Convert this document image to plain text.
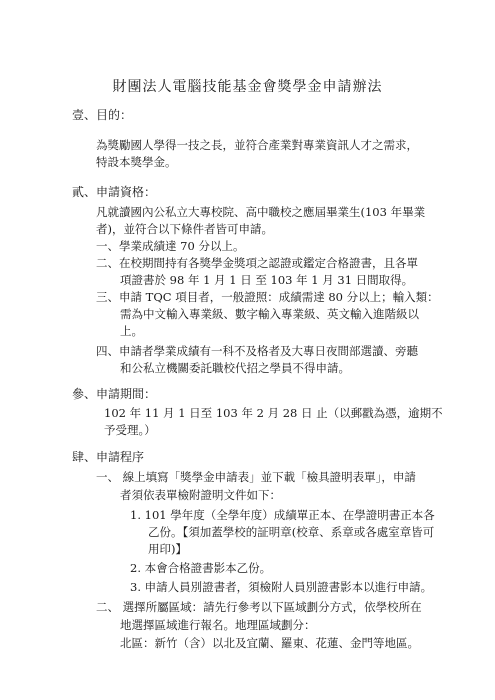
財團法人電腦技能基金會獎學金申請辦法
壹、目的：
為獎勵國人學得一技之長，並符合產業對專業資訊人才之需求，
特設本獎學金。
貳、申請資格：
凡就讀國內公私立大專校院、高中職校之應屆畢業生(103 年畢業
者)，並符合以下條件者皆可申請。
一、學業成績達 70 分以上。
二、在校期間持有各獎學金獎項之認證或鑑定合格證書，且各單
項證書於 98 年 1 月 1 日 至 103 年 1 月 31 日間取得。
三、申請 TQC 項目者，一般證照：成績需達 80 分以上；輸入類：
需為中文輸入專業級、數字輸入專業級、英文輸入進階級以
上。
四、申請者學業成績有一科不及格者及大專日夜間部選讀、旁聽
和公私立機關委託職校代招之學員不得申請。
參、申請期間：
102 年 11 月 1 日至 103 年 2 月 28 日 止（以郵戳為憑，逾期不
予受理。）
肆、申請程序
一、 線上填寫「獎學金申請表」並下載「檢具證明表單」，申請
者須依表單檢附證明文件如下：
1. 101 學年度（全學年度）成績單正本、在學證明書正本各
乙份。【須加蓋學校的証明章(校章、系章或各處室章皆可
用印)】
2. 本會合格證書影本乙份。
3. 申請人員別證書者，須檢附人員別證書影本以進行申請。
二、 選擇所屬區域：請先行參考以下區域劃分方式，依學校所在
地選擇區域進行報名。地理區域劃分：
北區：新竹（含）以北及宜蘭、羅東、花蓮、金門等地區。
